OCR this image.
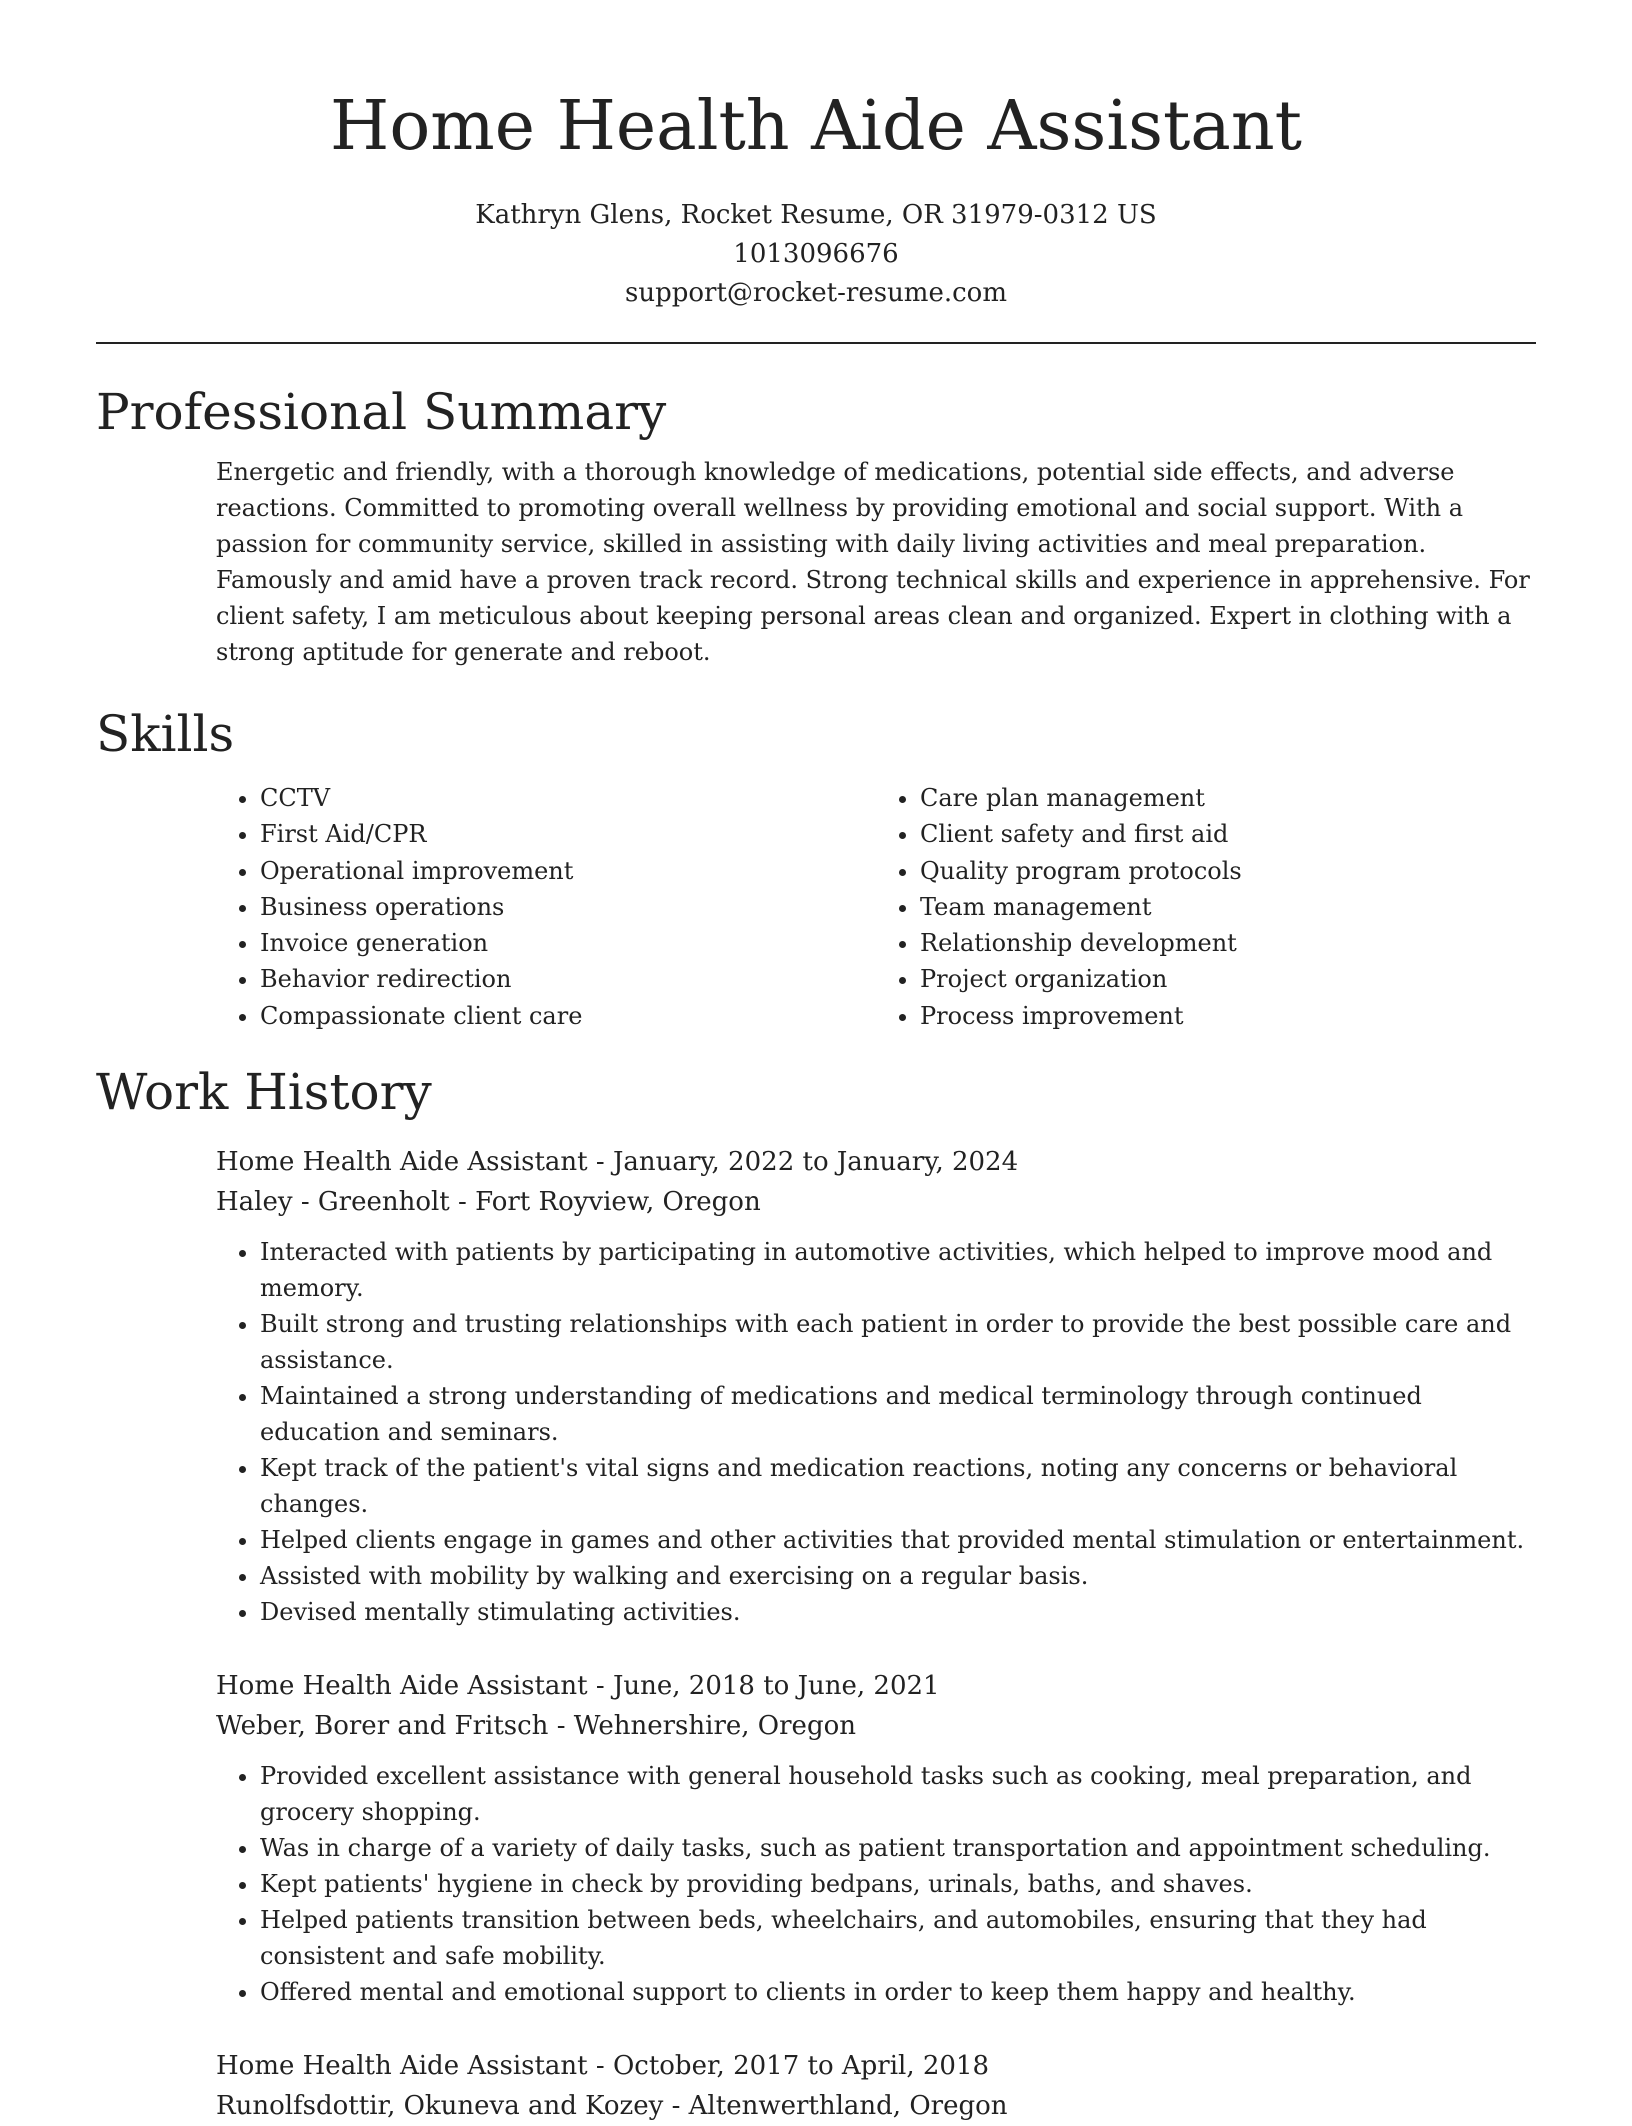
Home Health Aide Assistant
Kathryn Glens, Rocket Resume, OR 31979-0312 US
1013096676
support@rocket-resume.com
Professional Summary

Energetic and friendly, with a thorough knowledge of medications, potential side effects, and adverse reactions. Committed to promoting overall wellness by providing emotional and social support. With a passion for community service, skilled in assisting with daily living activities and meal preparation. Famously and amid have a proven track record. Strong technical skills and experience in apprehensive. For client safety, I am meticulous about keeping personal areas clean and organized. Expert in clothing with a strong aptitude for generate and reboot.

Skills
• CCTV
• First Aid/CPR
• Operational improvement
• Business operations
• Invoice generation
• Behavior redirection
• Compassionate client care
• Care plan management
• Client safety and first aid
• Quality program protocols
• Team management
• Relationship development
• Project organization
• Process improvement
Work History
Home Health Aide Assistant - January, 2022 to January, 2024
Haley - Greenholt - Fort Royview, Oregon
• Interacted with patients by participating in automotive activities, which helped to improve mood and memory.
• Built strong and trusting relationships with each patient in order to provide the best possible care and assistance.
• Maintained a strong understanding of medications and medical terminology through continued education and seminars.
• Kept track of the patient's vital signs and medication reactions, noting any concerns or behavioral changes.
• Helped clients engage in games and other activities that provided mental stimulation or entertainment.
• Assisted with mobility by walking and exercising on a regular basis.
• Devised mentally stimulating activities.
Home Health Aide Assistant - June, 2018 to June, 2021
Weber, Borer and Fritsch - Wehnershire, Oregon
• Provided excellent assistance with general household tasks such as cooking, meal preparation, and grocery shopping.
• Was in charge of a variety of daily tasks, such as patient transportation and appointment scheduling.
• Kept patients' hygiene in check by providing bedpans, urinals, baths, and shaves.
• Helped patients transition between beds, wheelchairs, and automobiles, ensuring that they had consistent and safe mobility.
• Offered mental and emotional support to clients in order to keep them happy and healthy.
Home Health Aide Assistant - October, 2017 to April, 2018
Runolfsdottir, Okuneva and Kozey - Altenwerthland, Oregon
